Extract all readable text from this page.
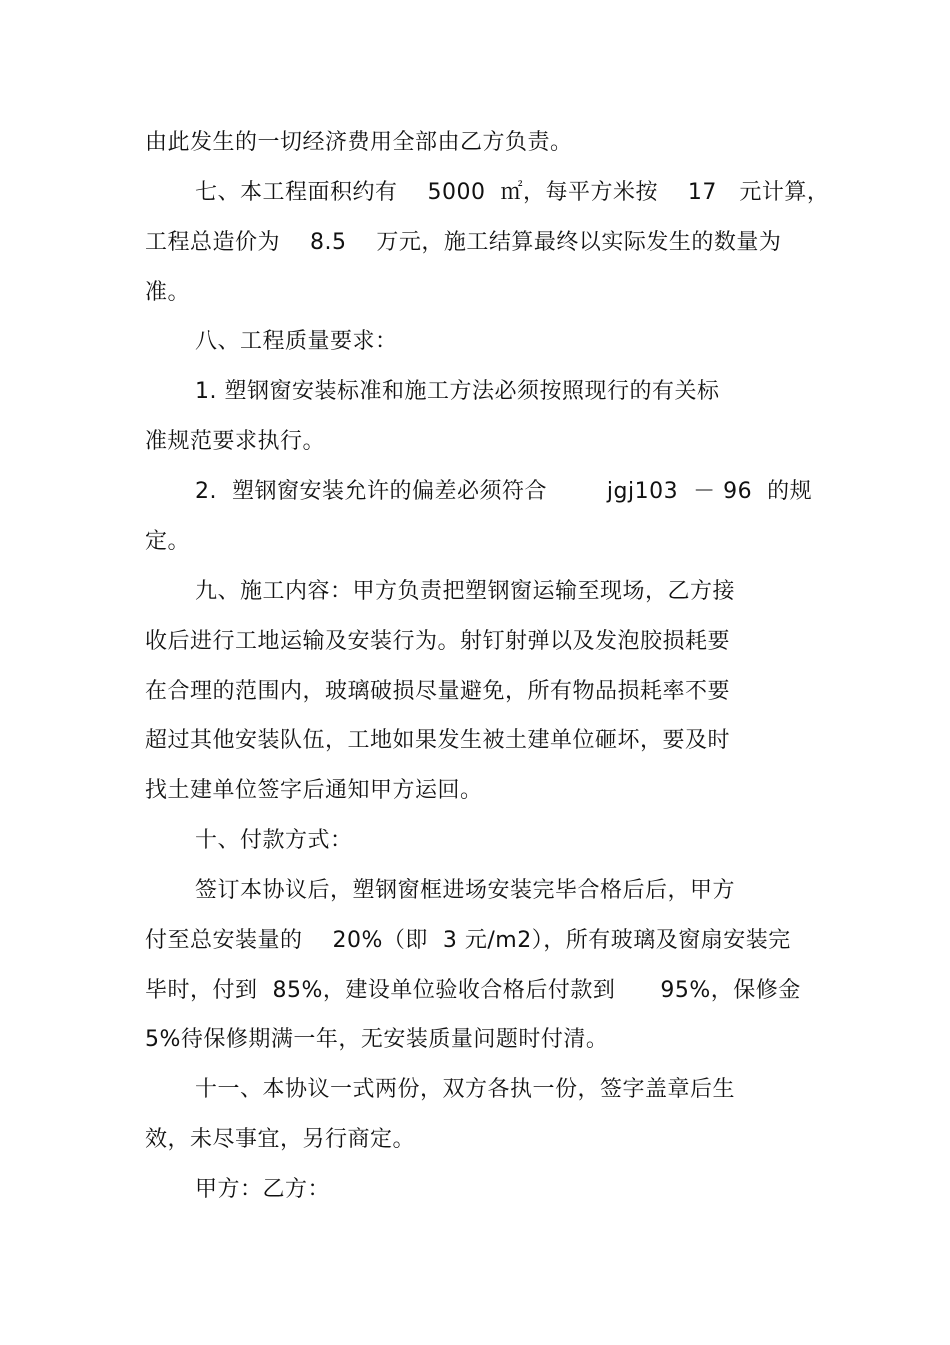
由此发生的一切经济费用全部由乙方负责。
七、本工程面积约有    5000  ㎡，每平方米按    17   元计算，
工程总造价为    8.5    万元，施工结算最终以实际发生的数量为
准。
八、工程质量要求：
1. 塑钢窗安装标准和施工方法必须按照现行的有关标
准规范要求执行。
2.  塑钢窗安装允许的偏差必须符合        jgj103  － 96  的规
定。
九、施工内容：甲方负责把塑钢窗运输至现场，乙方接
收后进行工地运输及安装行为。射钉射弹以及发泡胶损耗要
在合理的范围内，玻璃破损尽量避免，所有物品损耗率不要
超过其他安装队伍，工地如果发生被土建单位砸坏，要及时
找土建单位签字后通知甲方运回。
十、付款方式：
签订本协议后，塑钢窗框进场安装完毕合格后后，甲方
付至总安装量的    20%（即  3 元/m2），所有玻璃及窗扇安装完
毕时，付到  85%，建设单位验收合格后付款到      95%，保修金
5%待保修期满一年，无安装质量问题时付清。
十一、本协议一式两份，双方各执一份，签字盖章后生
效，未尽事宜，另行商定。
甲方：乙方：
